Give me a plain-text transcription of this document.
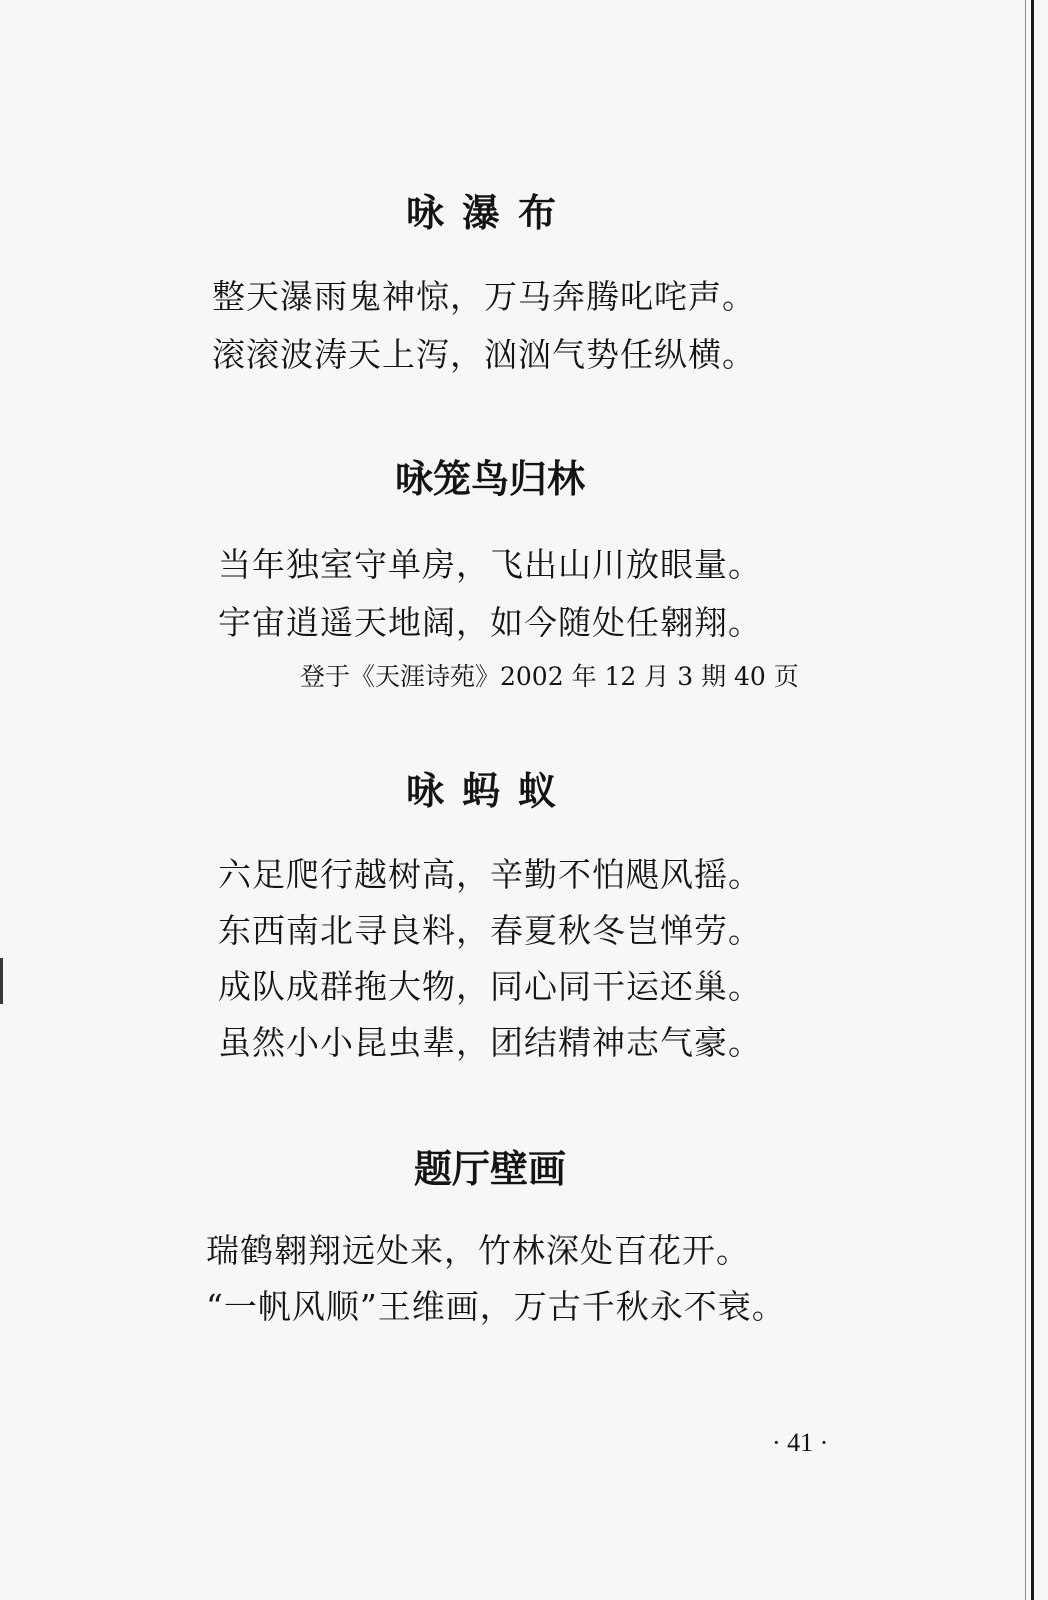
咏瀑布
整天瀑雨鬼神惊，万马奔腾叱咤声。
滚滚波涛天上泻，汹汹气势任纵横。
咏笼鸟归林
当年独室守单房，飞出山川放眼量。
宇宙逍遥天地阔，如今随处任翱翔。
登于《天涯诗苑》2002 年 12 月 3 期 40 页
咏蚂蚁
六足爬行越树高，辛勤不怕飓风摇。
东西南北寻良料，春夏秋冬岂惮劳。
成队成群拖大物，同心同干运还巢。
虽然小小昆虫辈，团结精神志气豪。
题厅壁画
瑞鹤翱翔远处来，竹林深处百花开。
“一帆风顺”王维画，万古千秋永不衰。
· 41 ·
